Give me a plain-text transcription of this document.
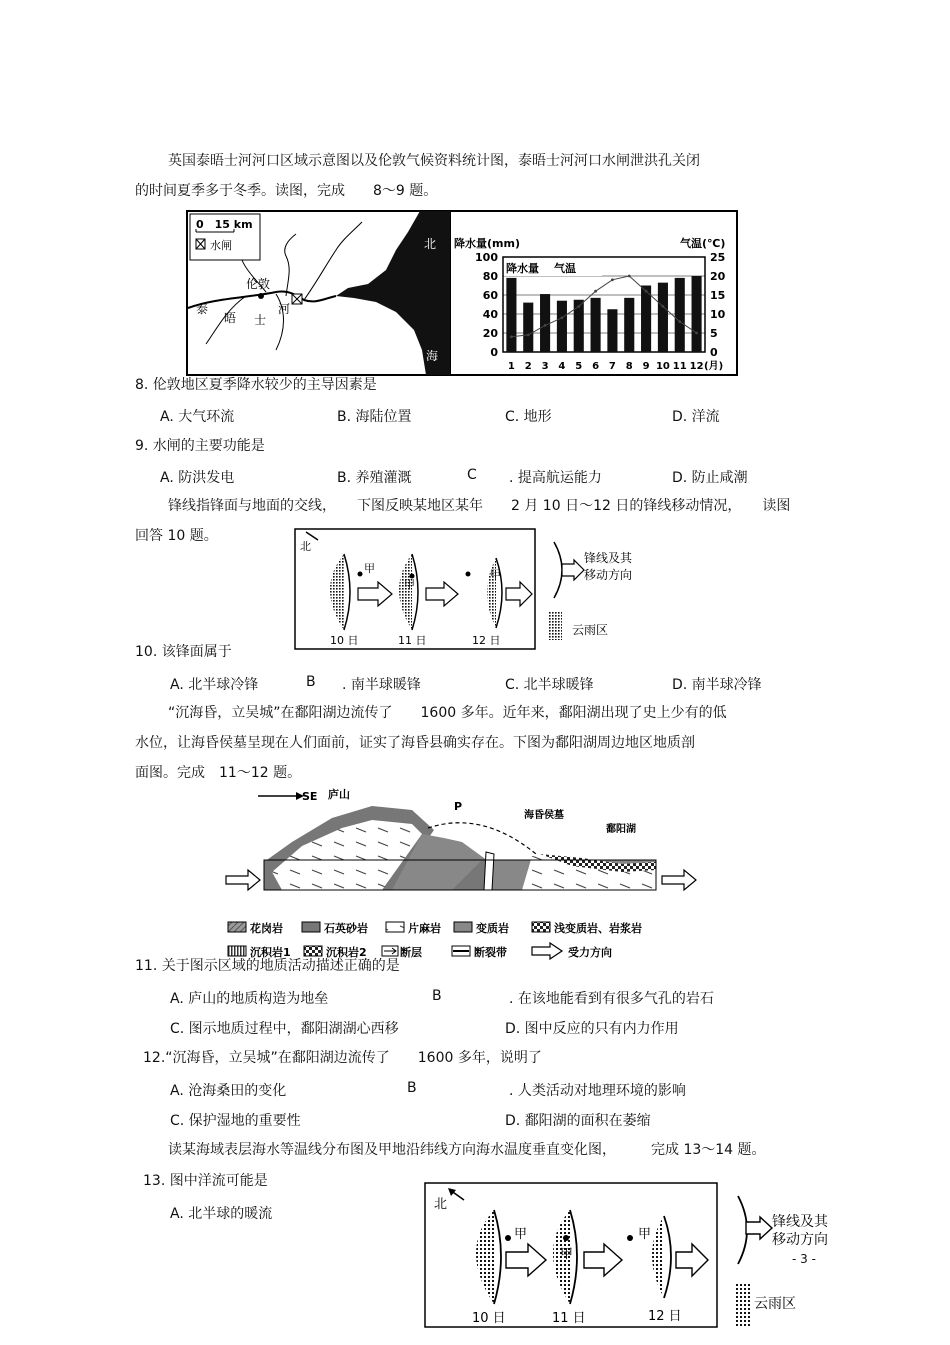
英国泰晤士河河口区域示意图以及伦敦气候资料统计图，泰晤士河河口水闸泄洪孔关闭
的时间夏季多于冬季。读图，完成　　8～9 题。
北
海
伦敦
泰
晤 士
河
0　15 km
水闸	降水量(mm)	气温(℃)
100
80
60
40
20
0
25
20
15
10
5
0
1 2 3 4 5 6 7 8 9 10 11 12 (月)
降水量 气温
8. 伦敦地区夏季降水较少的主导因素是
A. 大气环流	B. 海陆位置	C. 地形	D. 洋流
9. 水闸的主要功能是
A. 防洪发电	B. 养殖灌溉	C . 提高航运能力	D. 防止咸潮
锋线指锋面与地面的交线，　　下图反映某地区某年　　2 月 10 日～12 日的锋线移动情况，　　读图
回答 10 题。
北
甲
甲
甲
10 日	11 日	12 日
锋线及其
移动方向
云雨区
10. 该锋面属于
A. 北半球冷锋	B . 南半球暖锋	C. 北半球暖锋	D. 南半球冷锋
“沉海昏，立吴城”在鄱阳湖边流传了　　1600 多年。近年来，鄱阳湖出现了史上少有的低
水位，让海昏侯墓呈现在人们面前，证实了海昏县确实存在。下图为鄱阳湖周边地区地质剖
面图。完成　11～12 题。
SE 庐山
P
海昏侯墓
鄱阳湖
花岗岩	石英砂岩	片麻岩	变质岩	浅变质岩、岩浆岩
沉积岩1	沉积岩2	断层	断裂带	受力方向
11. 关于图示区域的地质活动描述正确的是
A. 庐山的地质构造为地垒	B	. 在该地能看到有很多气孔的岩石
C. 图示地质过程中，鄱阳湖湖心西移	D. 图中反应的只有内力作用
12.“沉海昏，立吴城”在鄱阳湖边流传了　　1600 多年，说明了
A. 沧海桑田的变化	B	. 人类活动对地理环境的影响
C. 保护湿地的重要性	D. 鄱阳湖的面积在萎缩
读某海域表层海水等温线分布图及甲地沿纬线方向海水温度垂直变化图，　　　完成 13～14 题。
13. 图中洋流可能是
A. 北半球的暖流
北
甲
甲
甲
10 日	11 日	12 日
锋线及其
移动方向
云雨区
- 3 -
